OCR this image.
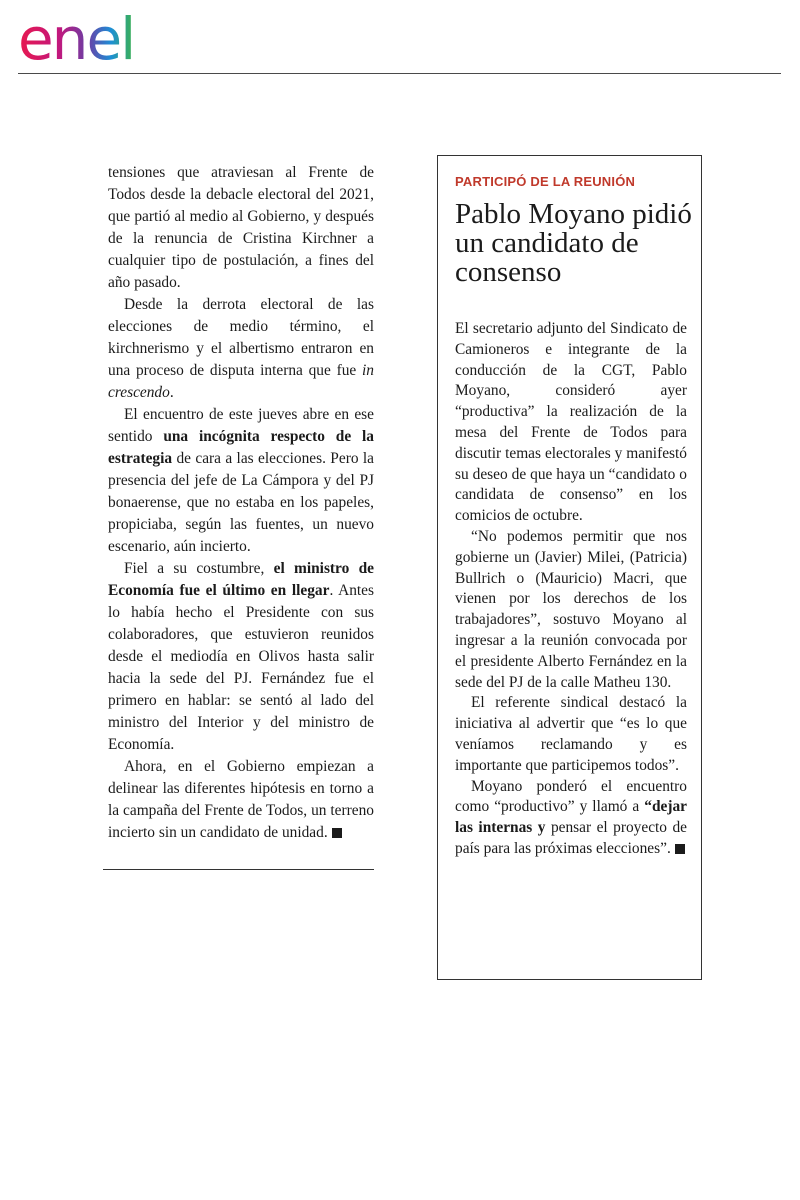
enel

tensiones que atraviesan al Frente de Todos desde la debacle electoral del 2021, que partió al medio al Gobierno, y después de la renuncia de Cristina Kirchner a cualquier tipo de postulación, a fines del año pasado.

Desde la derrota electoral de las elecciones de medio término, el kirchnerismo y el albertismo entraron en una proceso de disputa interna que fue in crescendo.

El encuentro de este jueves abre en ese sentido una incógnita respecto de la estrategia de cara a las elecciones. Pero la presencia del jefe de La Cámpora y del PJ bonaerense, que no estaba en los papeles, propiciaba, según las fuentes, un nuevo escenario, aún incierto.

Fiel a su costumbre, el ministro de Economía fue el último en llegar. Antes lo había hecho el Presidente con sus colaboradores, que estuvieron reunidos desde el mediodía en Olivos hasta salir hacia la sede del PJ. Fernández fue el primero en hablar: se sentó al lado del ministro del Interior y del ministro de Economía.

Ahora, en el Gobierno empiezan a delinear las diferentes hipótesis en torno a la campaña del Frente de Todos, un terreno incierto sin un candidato de unidad.

PARTICIPÓ DE LA REUNIÓN
Pablo Moyano pidió un candidato de consenso

El secretario adjunto del Sindicato de Camioneros e integrante de la conducción de la CGT, Pablo Moyano, consideró ayer “productiva” la realización de la mesa del Frente de Todos para discutir temas electorales y manifestó su deseo de que haya un “candidato o candidata de consenso” en los comicios de octubre.

“No podemos permitir que nos gobierne un (Javier) Milei, (Patricia) Bullrich o (Mauricio) Macri, que vienen por los derechos de los trabajadores”, sostuvo Moyano al ingresar a la reunión convocada por el presidente Alberto Fernández en la sede del PJ de la calle Matheu 130.

El referente sindical destacó la iniciativa al advertir que “es lo que veníamos reclamando y es importante que participemos todos”.

Moyano ponderó el encuentro como “productivo” y llamó a “dejar las internas y pensar el proyecto de país para las próximas elecciones”.
